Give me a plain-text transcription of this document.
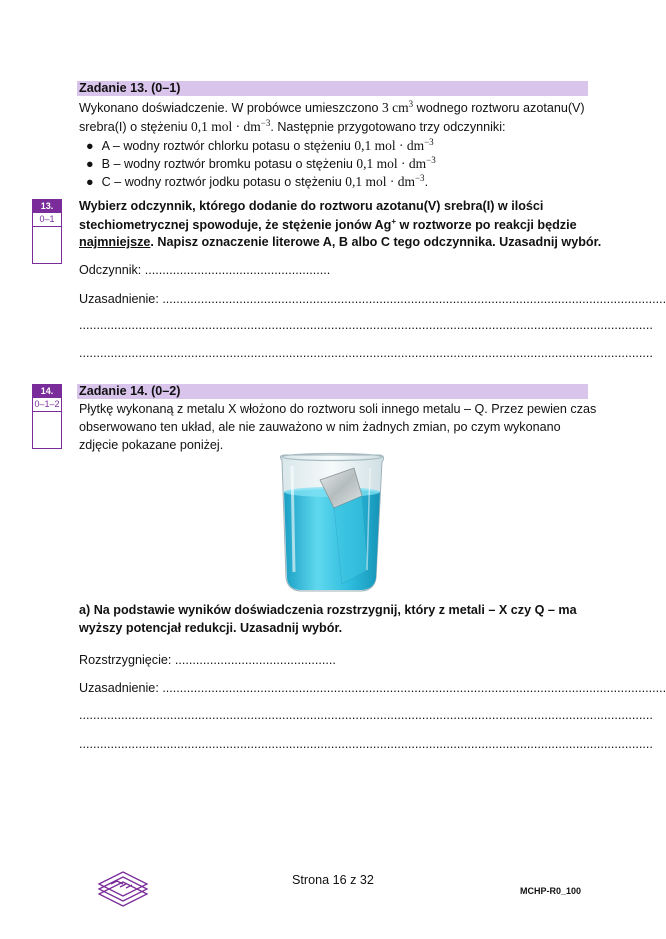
Zadanie 13. (0–1)
Wykonano doświadczenie. W probówce umieszczono 3 $cm^3$ wodnego roztworu azotanu(V)
srebra(I) o stężeniu 0,1 mol · $dm^{-3}$. Następnie przygotowano trzy odczynniki:
● A – wodny roztwór chlorku potasu o stężeniu 0,1 mol · $dm^{-3}$
● B – wodny roztwór bromku potasu o stężeniu 0,1 mol · $dm^{-3}$
● C – wodny roztwór jodku potasu o stężeniu 0,1 mol · $dm^{-3}$.
13.
0–1
Wybierz odczynnik, którego dodanie do roztworu azotanu(V) srebra(I) w ilości
stechiometrycznej spowoduje, że stężenie jonów Ag+ w roztworze po reakcji będzie
najmniejsze. Napisz oznaczenie literowe A, B albo C tego odczynnika. Uzasadnij wybór.
Odczynnik: .....................................................
Uzasadnienie: ................................................................................................................................................
....................................................................................................................................................................
....................................................................................................................................................................
14.
0–1–2
Zadanie 14. (0–2)
Płytkę wykonaną z metalu X włożono do roztworu soli innego metalu – Q. Przez pewien czas
obserwowano ten układ, ale nie zauważono w nim żadnych zmian, po czym wykonano
zdjęcie pokazane poniżej.
a) Na podstawie wyników doświadczenia rozstrzygnij, który z metali – X czy Q – ma
wyższy potencjał redukcji. Uzasadnij wybór.
Rozstrzygnięcie: ..............................................
Uzasadnienie: ................................................................................................................................................
....................................................................................................................................................................
....................................................................................................................................................................
Strona 16 z 32
MCHP-R0_100
